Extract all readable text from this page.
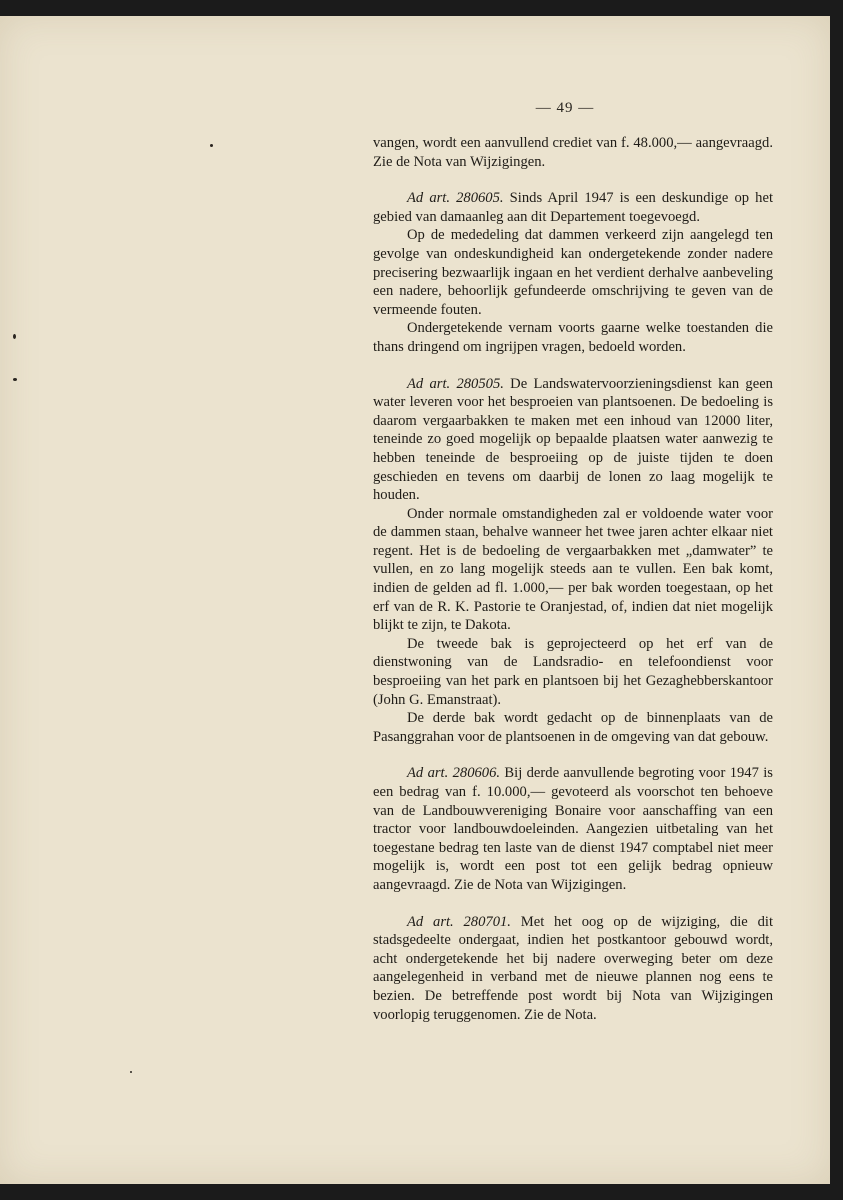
— 49 —

vangen, wordt een aanvullend crediet van f. 48.000,— aangevraagd. Zie de Nota van Wijzigingen.

Ad art. 280605. Sinds April 1947 is een deskundige op het gebied van damaanleg aan dit Departement toegevoegd.

Op de mededeling dat dammen verkeerd zijn aangelegd ten gevolge van ondeskundigheid kan ondergetekende zonder nadere precisering bezwaarlijk ingaan en het verdient derhalve aanbeveling een nadere, behoorlijk gefundeerde omschrijving te geven van de vermeende fouten.

Ondergetekende vernam voorts gaarne welke toestanden die thans dringend om ingrijpen vragen, bedoeld worden.

Ad art. 280505. De Landswatervoorzieningsdienst kan geen water leveren voor het besproeien van plantsoenen. De bedoeling is daarom vergaarbakken te maken met een inhoud van 12000 liter, teneinde zo goed mogelijk op bepaalde plaatsen water aanwezig te hebben teneinde de besproeiing op de juiste tijden te doen geschieden en tevens om daarbij de lonen zo laag mogelijk te houden.

Onder normale omstandigheden zal er voldoende water voor de dammen staan, behalve wanneer het twee jaren achter elkaar niet regent. Het is de bedoeling de vergaarbakken met „damwater” te vullen, en zo lang mogelijk steeds aan te vullen. Een bak komt, indien de gelden ad fl. 1.000,— per bak worden toegestaan, op het erf van de R. K. Pastorie te Oranjestad, of, indien dat niet mogelijk blijkt te zijn, te Dakota.

De tweede bak is geprojecteerd op het erf van de dienstwoning van de Landsradio- en telefoondienst voor besproeiing van het park en plantsoen bij het Gezaghebberskantoor (John G. Emanstraat).

De derde bak wordt gedacht op de binnenplaats van de Pasanggrahan voor de plantsoenen in de omgeving van dat gebouw.

Ad art. 280606. Bij derde aanvullende begroting voor 1947 is een bedrag van f. 10.000,— gevoteerd als voorschot ten behoeve van de Landbouwvereniging Bonaire voor aanschaffing van een tractor voor landbouwdoeleinden. Aangezien uitbetaling van het toegestane bedrag ten laste van de dienst 1947 comptabel niet meer mogelijk is, wordt een post tot een gelijk bedrag opnieuw aangevraagd. Zie de Nota van Wijzigingen.

Ad art. 280701. Met het oog op de wijziging, die dit stadsgedeelte ondergaat, indien het postkantoor gebouwd wordt, acht ondergetekende het bij nadere overweging beter om deze aangelegenheid in verband met de nieuwe plannen nog eens te bezien. De betreffende post wordt bij Nota van Wijzigingen voorlopig teruggenomen. Zie de Nota.
